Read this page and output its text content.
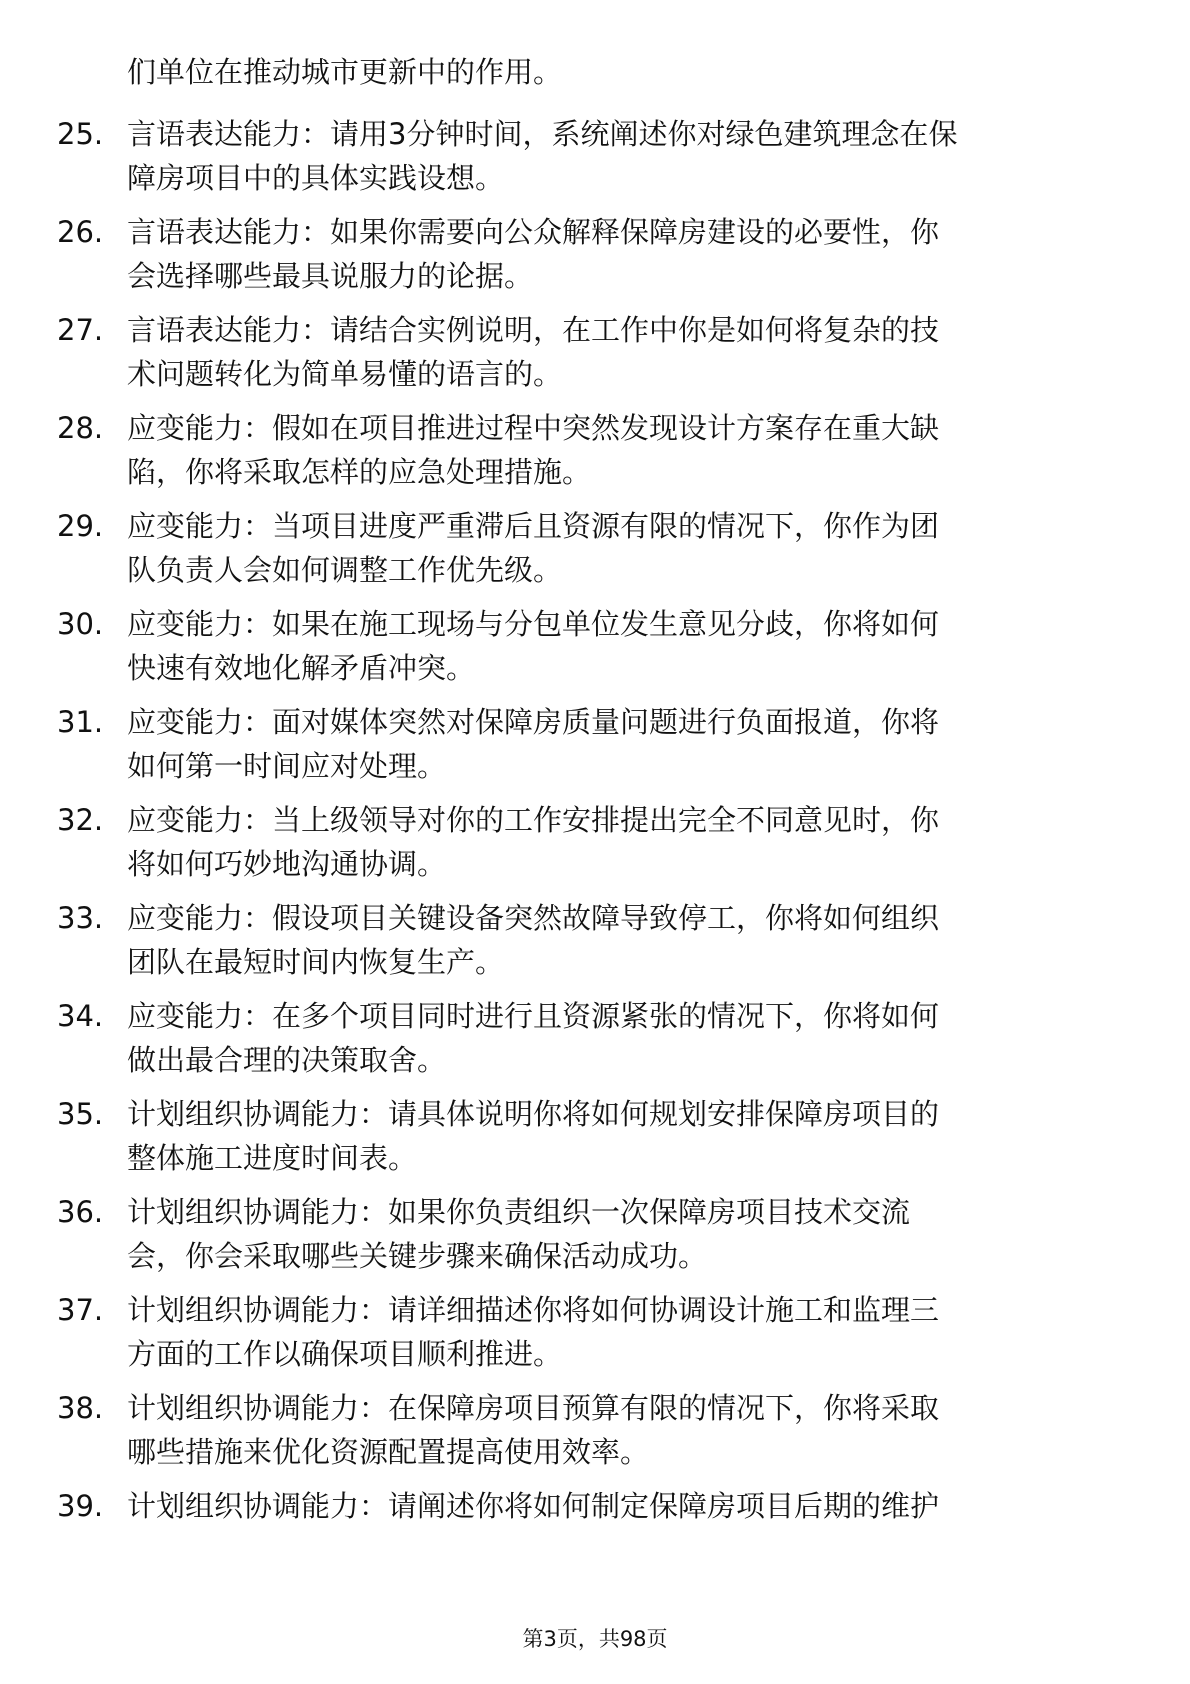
们单位在推动城市更新中的作用。
25. 言语表达能力：请用3分钟时间，系统阐述你对绿色建筑理念在保
障房项目中的具体实践设想。
26. 言语表达能力：如果你需要向公众解释保障房建设的必要性，你
会选择哪些最具说服力的论据。
27. 言语表达能力：请结合实例说明，在工作中你是如何将复杂的技
术问题转化为简单易懂的语言的。
28. 应变能力：假如在项目推进过程中突然发现设计方案存在重大缺
陷，你将采取怎样的应急处理措施。
29. 应变能力：当项目进度严重滞后且资源有限的情况下，你作为团
队负责人会如何调整工作优先级。
30. 应变能力：如果在施工现场与分包单位发生意见分歧，你将如何
快速有效地化解矛盾冲突。
31. 应变能力：面对媒体突然对保障房质量问题进行负面报道，你将
如何第一时间应对处理。
32. 应变能力：当上级领导对你的工作安排提出完全不同意见时，你
将如何巧妙地沟通协调。
33. 应变能力：假设项目关键设备突然故障导致停工，你将如何组织
团队在最短时间内恢复生产。
34. 应变能力：在多个项目同时进行且资源紧张的情况下，你将如何
做出最合理的决策取舍。
35. 计划组织协调能力：请具体说明你将如何规划安排保障房项目的
整体施工进度时间表。
36. 计划组织协调能力：如果你负责组织一次保障房项目技术交流
会，你会采取哪些关键步骤来确保活动成功。
37. 计划组织协调能力：请详细描述你将如何协调设计施工和监理三
方面的工作以确保项目顺利推进。
38. 计划组织协调能力：在保障房项目预算有限的情况下，你将采取
哪些措施来优化资源配置提高使用效率。
39. 计划组织协调能力：请阐述你将如何制定保障房项目后期的维护
第3页，共98页
